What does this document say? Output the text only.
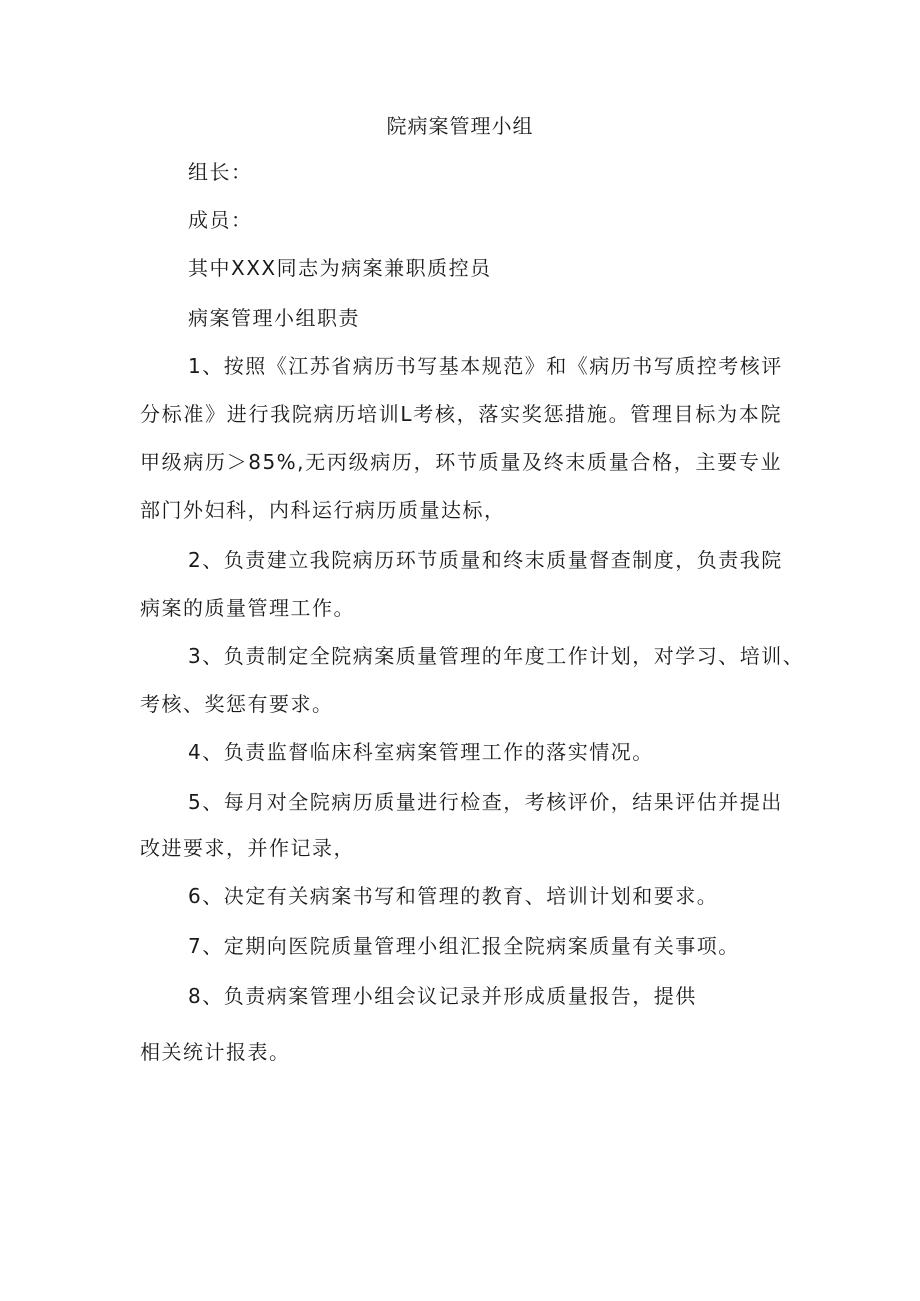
院病案管理小组
组长：
成员：
其中XXX同志为病案兼职质控员
病案管理小组职责
1、按照《江苏省病历书写基本规范》和《病历书写质控考核评
分标准》进行我院病历培训L考核，落实奖惩措施。管理目标为本院
甲级病历＞85%,无丙级病历，环节质量及终末质量合格，主要专业
部门外妇科，内科运行病历质量达标，
2、负责建立我院病历环节质量和终末质量督查制度，负责我院
病案的质量管理工作。
3、负责制定全院病案质量管理的年度工作计划，对学习、培训、
考核、奖惩有要求。
4、负责监督临床科室病案管理工作的落实情况。
5、每月对全院病历质量进行检查，考核评价，结果评估并提出
改进要求，并作记录，
6、决定有关病案书写和管理的教育、培训计划和要求。
7、定期向医院质量管理小组汇报全院病案质量有关事项。
8、负责病案管理小组会议记录并形成质量报告，提供
相关统计报表。
